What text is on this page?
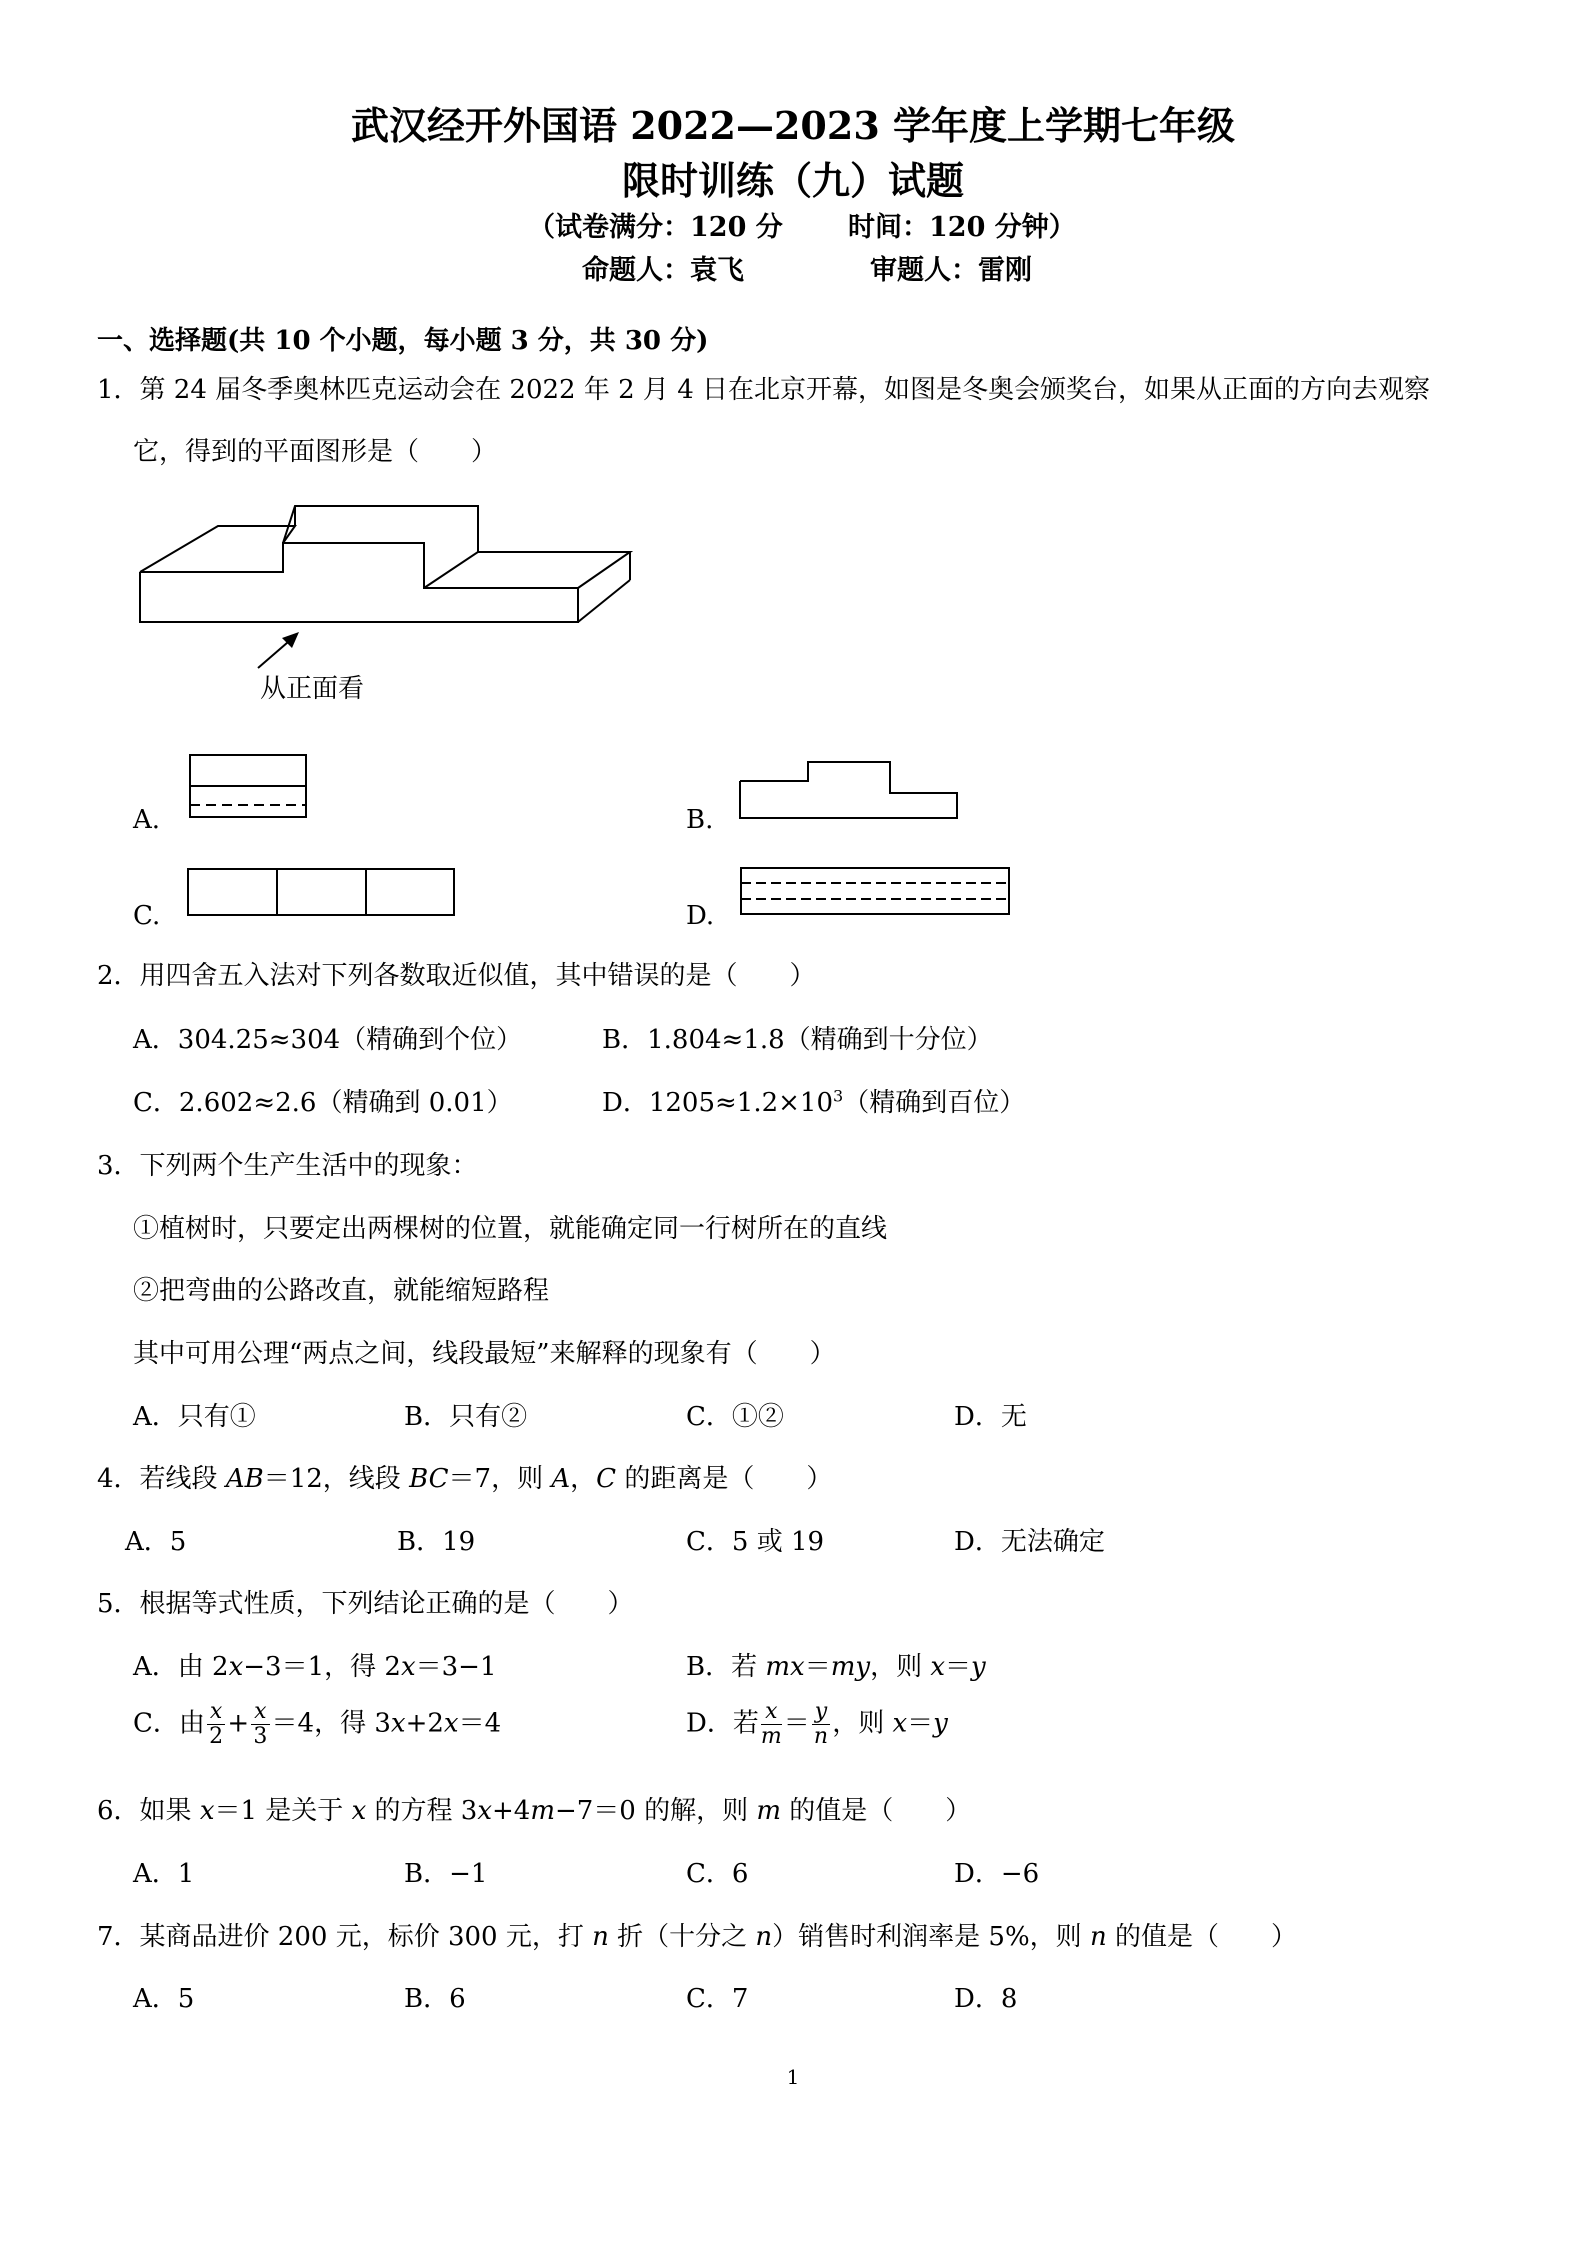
武汉经开外国语 2022—2023 学年度上学期七年级
限时训练（九）试题
（试卷满分：120 分 时间：120 分钟）
命题人：袁飞	审题人：雷刚
一、选择题(共 10 个小题，每小题 3 分，共 30 分)
1．第 24 届冬季奥林匹克运动会在 2022 年 2 月 4 日在北京开幕，如图是冬奥会颁奖台，如果从正面的方向去观察
它，得到的平面图形是（　　）
从正面看
A.	B.
C.	D.
2．用四舍五入法对下列各数取近似值，其中错误的是（　　）
A．304.25≈304（精确到个位）	B．1.804≈1.8（精确到十分位）
C．2.602≈2.6（精确到 0.01）	D．$1205\approx 1.2\times 10^3$（精确到百位）
3．下列两个生产生活中的现象：
①植树时，只要定出两棵树的位置，就能确定同一行树所在的直线
②把弯曲的公路改直，就能缩短路程
其中可用公理“两点之间，线段最短”来解释的现象有（　　）
A．只有①	B．只有②	C．①②	D．无
4．若线段 AB＝12，线段 BC＝7，则 A，C 的距离是（　　）
A．5	B．19	C．5 或 19	D．无法确定
5．根据等式性质，下列结论正确的是（　　）
A．由 2x−3＝1，得 2x＝3−1	B．若 mx＝my，则 x＝y
C．由 $\frac{x}{2} + \frac{x}{3} =4$，得 3x+2x＝4	D．若 $\frac{x}{m}= \frac{y}{n}$，则 x＝y
6．如果 x＝1 是关于 x 的方程 3x+4m−7＝0 的解，则 m 的值是（　　）
A．1	B．−1	C．6	D．−6
7．某商品进价 200 元，标价 300 元，打 n 折（十分之 n）销售时利润率是 5%，则 n 的值是（　　）
A．5	B．6	C．7	D．8
1
